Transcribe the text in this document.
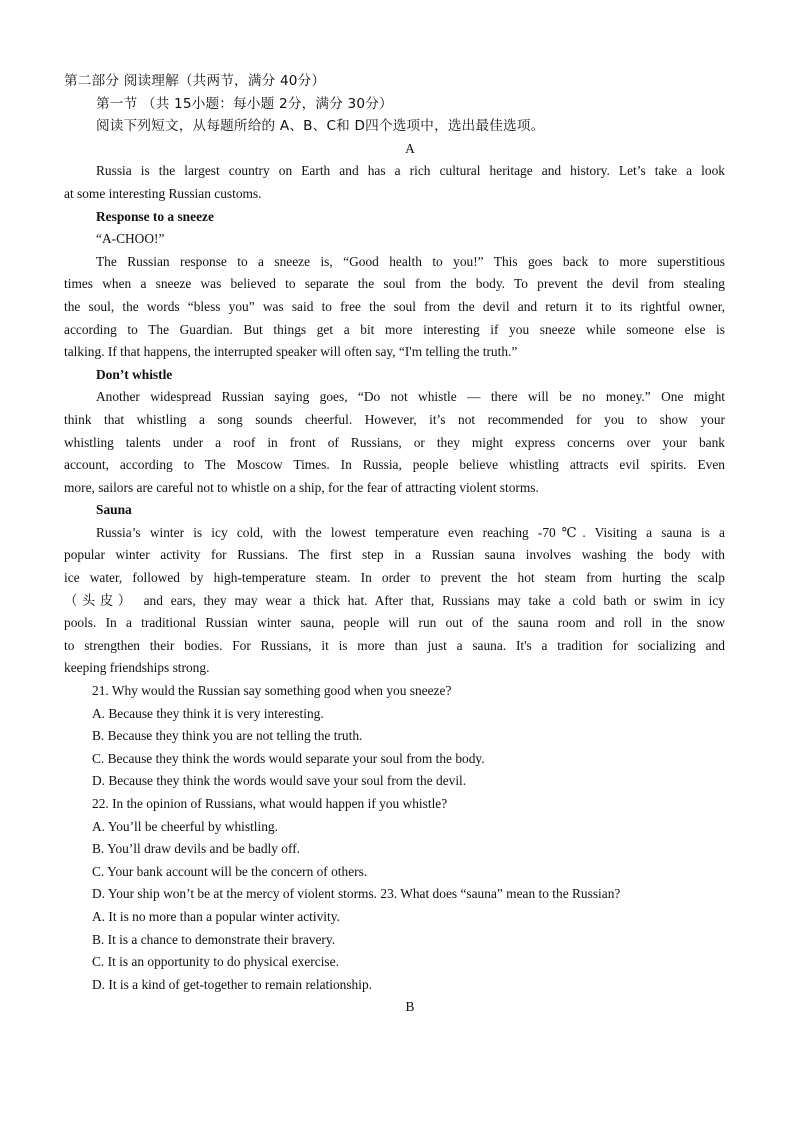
第二部分 阅读理解（共两节，满分 40分）
第一节 （共 15小题：每小题 2分，满分 30分）
阅读下列短文，从每题所给的 A、B、C和 D四个选项中，选出最佳选项。
A
Russia is the largest country on Earth and has a rich cultural heritage and history. Let’s take a look
at some interesting Russian customs.
Response to a sneeze
“A-CHOO!”
The Russian response to a sneeze is, “Good health to you!” This goes back to more superstitious
times when a sneeze was believed to separate the soul from the body. To prevent the devil from stealing
the soul, the words “bless you” was said to free the soul from the devil and return it to its rightful owner,
according to The Guardian. But things get a bit more interesting if you sneeze while someone else is
talking. If that happens, the interrupted speaker will often say, “I'm telling the truth.”
Don’t whistle
Another widespread Russian saying goes, “Do not whistle — there will be no money.” One might
think that whistling a song sounds cheerful. However, it’s not recommended for you to show your
whistling talents under a roof in front of Russians, or they might express concerns over your bank
account, according to The Moscow Times. In Russia, people believe whistling attracts evil spirits. Even
more, sailors are careful not to whistle on a ship, for the fear of attracting violent storms.
Sauna
Russia’s winter is icy cold, with the lowest temperature even reaching -70℃. Visiting a sauna is a
popular winter activity for Russians. The first step in a Russian sauna involves washing the body with
ice water, followed by high-temperature steam. In order to prevent the hot steam from hurting the scalp
（头皮） and ears, they may wear a thick hat. After that, Russians may take a cold bath or swim in icy
pools. In a traditional Russian winter sauna, people will run out of the sauna room and roll in the snow
to strengthen their bodies. For Russians, it is more than just a sauna. It's a tradition for socializing and
keeping friendships strong.
21. Why would the Russian say something good when you sneeze?
A. Because they think it is very interesting.
B. Because they think you are not telling the truth.
C. Because they think the words would separate your soul from the body.
D. Because they think the words would save your soul from the devil.
22. In the opinion of Russians, what would happen if you whistle?
A. You’ll be cheerful by whistling.
B. You’ll draw devils and be badly off.
C. Your bank account will be the concern of others.
D. Your ship won’t be at the mercy of violent storms. 23. What does “sauna” mean to the Russian?
A. It is no more than a popular winter activity.
B. It is a chance to demonstrate their bravery.
C. It is an opportunity to do physical exercise.
D. It is a kind of get-together to remain relationship.
B
